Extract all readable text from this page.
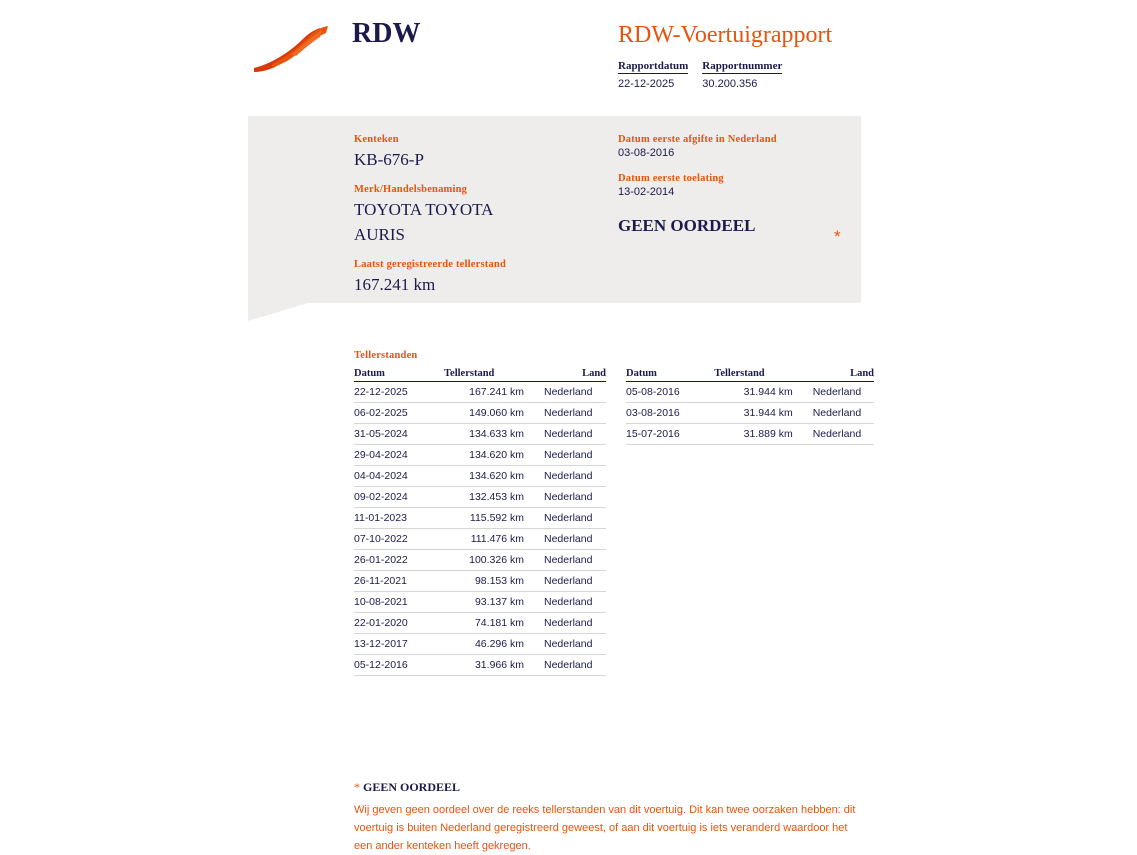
RDW	RDW-Voertuigrapport
Rapportdatum
22-12-2025
Rapportnummer
30.200.356
Kenteken
KB-676-P
Merk/Handelsbenaming
TOYOTA TOYOTA AURIS
Laatst geregistreerde tellerstand
167.241 km
Datum eerste afgifte in Nederland
03-08-2016
Datum eerste toelating
13-02-2014
GEEN OORDEEL
*
Tellerstanden
Datum	Tellerstand	Land
22-12-2025	167.241 km	Nederland
06-02-2025	149.060 km	Nederland
31-05-2024	134.633 km	Nederland
29-04-2024	134.620 km	Nederland
04-04-2024	134.620 km	Nederland
09-02-2024	132.453 km	Nederland
11-01-2023	115.592 km	Nederland
07-10-2022	111.476 km	Nederland
26-01-2022	100.326 km	Nederland
26-11-2021	98.153 km	Nederland
10-08-2021	93.137 km	Nederland
22-01-2020	74.181 km	Nederland
13-12-2017	46.296 km	Nederland
05-12-2016	31.966 km	Nederland
Datum	Tellerstand	Land
05-08-2016	31.944 km	Nederland
03-08-2016	31.944 km	Nederland
15-07-2016	31.889 km	Nederland
* GEEN OORDEEL
Wij geven geen oordeel over de reeks tellerstanden van dit voertuig. Dit kan twee oorzaken hebben: dit voertuig is buiten Nederland geregistreerd geweest, of aan dit voertuig is iets veranderd waardoor het een ander kenteken heeft gekregen.
